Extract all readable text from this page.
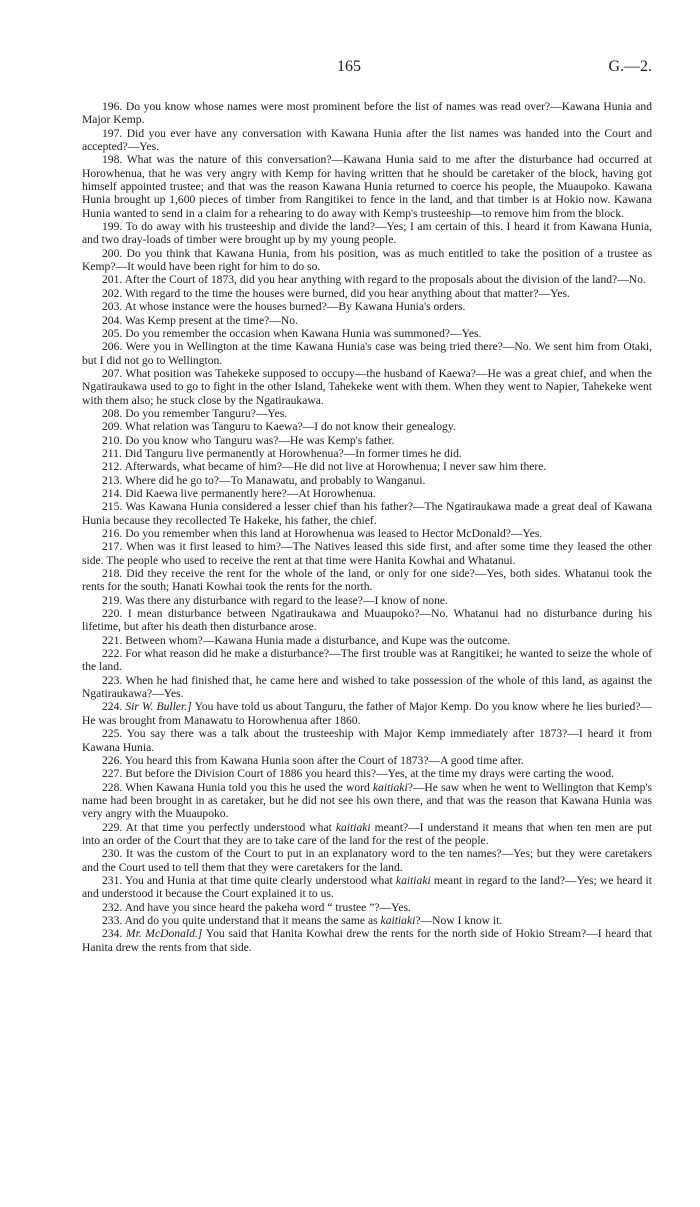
165	G.—2.

196. Do you know whose names were most prominent before the list of names was read over?—Kawana Hunia and Major Kemp.

197. Did you ever have any conversation with Kawana Hunia after the list names was handed into the Court and accepted?—Yes.

198. What was the nature of this conversation?—Kawana Hunia said to me after the disturbance had occurred at Horowhenua, that he was very angry with Kemp for having written that he should be caretaker of the block, having got himself appointed trustee; and that was the reason Kawana Hunia returned to coerce his people, the Muaupoko. Kawana Hunia brought up 1,600 pieces of timber from Rangitikei to fence in the land, and that timber is at Hokio now. Kawana Hunia wanted to send in a claim for a rehearing to do away with Kemp's trusteeship—to remove him from the block.

199. To do away with his trusteeship and divide the land?—Yes; I am certain of this. I heard it from Kawana Hunia, and two dray-loads of timber were brought up by my young people.

200. Do you think that Kawana Hunia, from his position, was as much entitled to take the position of a trustee as Kemp?—It would have been right for him to do so.

201. After the Court of 1873, did you hear anything with regard to the proposals about the division of the land?—No.

202. With regard to the time the houses were burned, did you hear anything about that matter?—Yes.

203. At whose instance were the houses burned?—By Kawana Hunia's orders.

204. Was Kemp present at the time?—No.

205. Do you remember the occasion when Kawana Hunia was summoned?—Yes.

206. Were you in Wellington at the time Kawana Hunia's case was being tried there?—No. We sent him from Otaki, but I did not go to Wellington.

207. What position was Tahekeke supposed to occupy—the husband of Kaewa?—He was a great chief, and when the Ngatiraukawa used to go to fight in the other Island, Tahekeke went with them. When they went to Napier, Tahekeke went with them also; he stuck close by the Ngatiraukawa.

208. Do you remember Tanguru?—Yes.

209. What relation was Tanguru to Kaewa?—I do not know their genealogy.

210. Do you know who Tanguru was?—He was Kemp's father.

211. Did Tanguru live permanently at Horowhenua?—In former times he did.

212. Afterwards, what became of him?—He did not live at Horowhenua; I never saw him there.

213. Where did he go to?—To Manawatu, and probably to Wanganui.

214. Did Kaewa live permanently here?—At Horowhenua.

215. Was Kawana Hunia considered a lesser chief than his father?—The Ngatiraukawa made a great deal of Kawana Hunia because they recollected Te Hakeke, his father, the chief.

216. Do you remember when this land at Horowhenua was leased to Hector McDonald?—Yes.

217. When was it first leased to him?—The Natives leased this side first, and after some time they leased the other side. The people who used to receive the rent at that time were Hanita Kowhai and Whatanui.

218. Did they receive the rent for the whole of the land, or only for one side?—Yes, both sides. Whatanui took the rents for the south; Hanati Kowhai took the rents for the north.

219. Was there any disturbance with regard to the lease?—I know of none.

220. I mean disturbance between Ngatiraukawa and Muaupoko?—No. Whatanui had no disturbance during his lifetime, but after his death then disturbance arose.

221. Between whom?—Kawana Hunia made a disturbance, and Kupe was the outcome.

222. For what reason did he make a disturbance?—The first trouble was at Rangitikei; he wanted to seize the whole of the land.

223. When he had finished that, he came here and wished to take possession of the whole of this land, as against the Ngatiraukawa?—Yes.

224. Sir W. Buller.] You have told us about Tanguru, the father of Major Kemp. Do you know where he lies buried?—He was brought from Manawatu to Horowhenua after 1860.

225. You say there was a talk about the trusteeship with Major Kemp immediately after 1873?—I heard it from Kawana Hunia.

226. You heard this from Kawana Hunia soon after the Court of 1873?—A good time after.

227. But before the Division Court of 1886 you heard this?—Yes, at the time my drays were carting the wood.

228. When Kawana Hunia told you this he used the word kaitiaki?—He saw when he went to Wellington that Kemp's name had been brought in as caretaker, but he did not see his own there, and that was the reason that Kawana Hunia was very angry with the Muaupoko.

229. At that time you perfectly understood what kaitiaki meant?—I understand it means that when ten men are put into an order of the Court that they are to take care of the land for the rest of the people.

230. It was the custom of the Court to put in an explanatory word to the ten names?—Yes; but they were caretakers and the Court used to tell them that they were caretakers for the land.

231. You and Hunia at that time quite clearly understood what kaitiaki meant in regard to the land?—Yes; we heard it and understood it because the Court explained it to us.

232. And have you since heard the pakeha word “ trustee ”?—Yes.

233. And do you quite understand that it means the same as kaitiaki?—Now I know it.

234. Mr. McDonald.] You said that Hanita Kowhai drew the rents for the north side of Hokio Stream?—I heard that Hanita drew the rents from that side.
